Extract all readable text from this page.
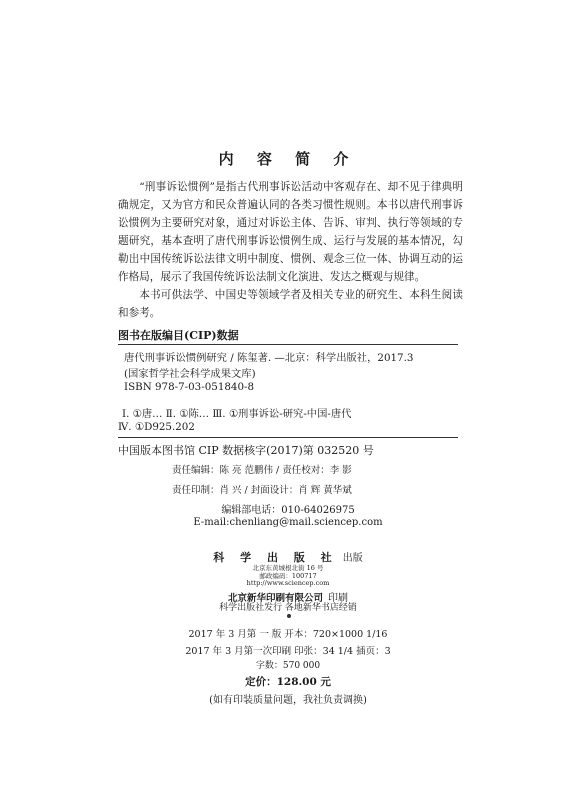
内 容 简 介

“刑事诉讼惯例”是指古代刑事诉讼活动中客观存在、却不见于律典明确规定，又为官方和民众普遍认同的各类习惯性规则。本书以唐代刑事诉讼惯例为主要研究对象，通过对诉讼主体、告诉、审判、执行等领域的专题研究，基本查明了唐代刑事诉讼惯例生成、运行与发展的基本情况，勾勒出中国传统诉讼法律文明中制度、惯例、观念三位一体、协调互动的运作格局，展示了我国传统诉讼法制文化演进、发达之概观与规律。

本书可供法学、中国史等领域学者及相关专业的研究生、本科生阅读和参考。

图书在版编目(CIP)数据
唐代刑事诉讼惯例研究 / 陈玺著. —北京：科学出版社，2017.3
(国家哲学社会科学成果文库)
ISBN 978-7-03-051840-8
Ⅰ. ①唐… Ⅱ. ①陈… Ⅲ. ①刑事诉讼-研究-中国-唐代
Ⅳ. ①D925.202
中国版本图书馆 CIP 数据核字(2017)第 032520 号
责任编辑：陈 亮 范鹏伟 / 责任校对：李 影
责任印制：肖 兴 / 封面设计：肖 辉 黄华斌
编辑部电话：010-64026975
E-mail:chenliang@mail.sciencep.com
科 学 出 版 社 出版
北京东黄城根北街 16 号
邮政编码：100717
http://www.sciencep.com
北京新华印刷有限公司 印刷
科学出版社发行 各地新华书店经销
2017 年 3 月第 一 版 开本：720×1000 1/16
2017 年 3 月第一次印刷 印张：34 1/4 插页：3
字数：570 000
定价：128.00 元
(如有印装质量问题，我社负责调换)
